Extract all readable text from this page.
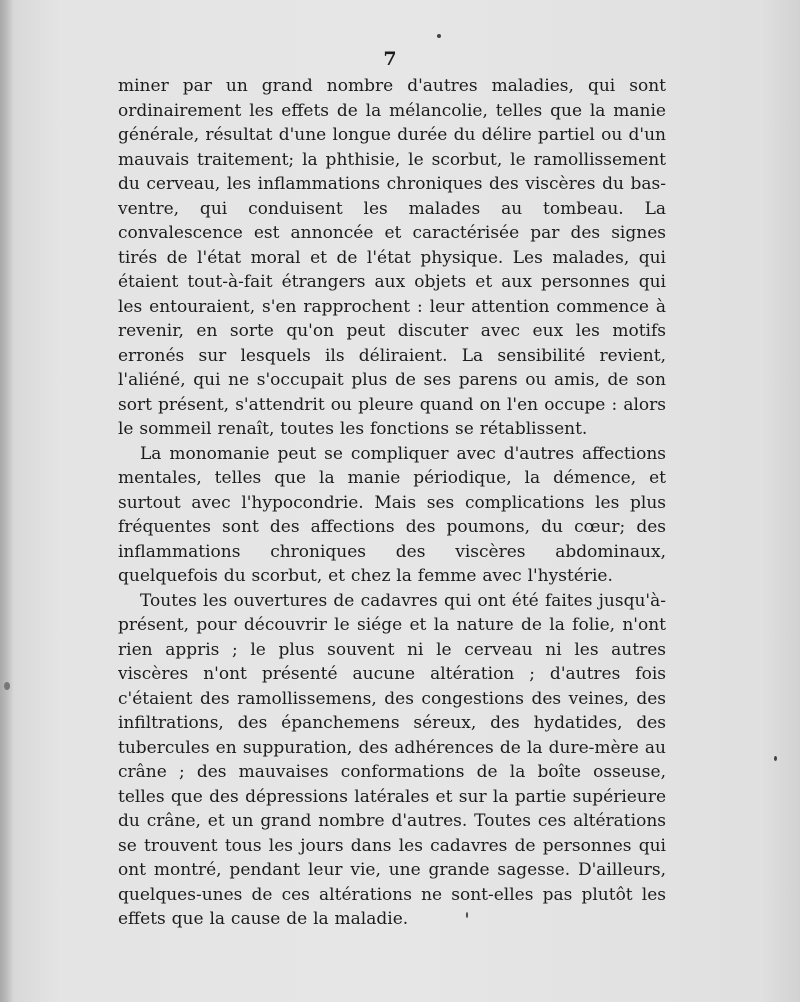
7

miner par un grand nombre d'autres maladies, qui sont ordinairement les effets de la mélancolie, telles que la manie générale, résultat d'une longue durée du délire partiel ou d'un mauvais traitement; la phthisie, le scorbut, le ramollissement du cerveau, les inflammations chroniques des viscères du bas-ventre, qui conduisent les malades au tombeau. La convalescence est annoncée et caractérisée par des signes tirés de l'état moral et de l'état physique. Les malades, qui étaient tout-à-fait étrangers aux objets et aux personnes qui les entouraient, s'en rapprochent : leur attention commence à revenir, en sorte qu'on peut discuter avec eux les motifs erronés sur lesquels ils déliraient. La sensibilité revient, l'aliéné, qui ne s'occupait plus de ses parens ou amis, de son sort présent, s'attendrit ou pleure quand on l'en occupe : alors le sommeil renaît, toutes les fonctions se rétablissent.

La monomanie peut se compliquer avec d'autres affections mentales, telles que la manie périodique, la démence, et surtout avec l'hypocondrie. Mais ses complications les plus fréquentes sont des affections des poumons, du cœur; des inflammations chroniques des viscères abdominaux, quelquefois du scorbut, et chez la femme avec l'hystérie.

Toutes les ouvertures de cadavres qui ont été faites jusqu'à-présent, pour découvrir le siége et la nature de la folie, n'ont rien appris ; le plus souvent ni le cerveau ni les autres viscères n'ont présenté aucune altération ; d'autres fois c'étaient des ramollissemens, des congestions des veines, des infiltrations, des épanchemens séreux, des hydatides, des tubercules en suppuration, des adhérences de la dure-mère au crâne ; des mauvaises conformations de la boîte osseuse, telles que des dépressions latérales et sur la partie supérieure du crâne, et un grand nombre d'autres. Toutes ces altérations se trouvent tous les jours dans les cadavres de personnes qui ont montré, pendant leur vie, une grande sagesse. D'ailleurs, quelques-unes de ces altérations ne sont-elles pas plutôt les effets que la cause de la maladie.
